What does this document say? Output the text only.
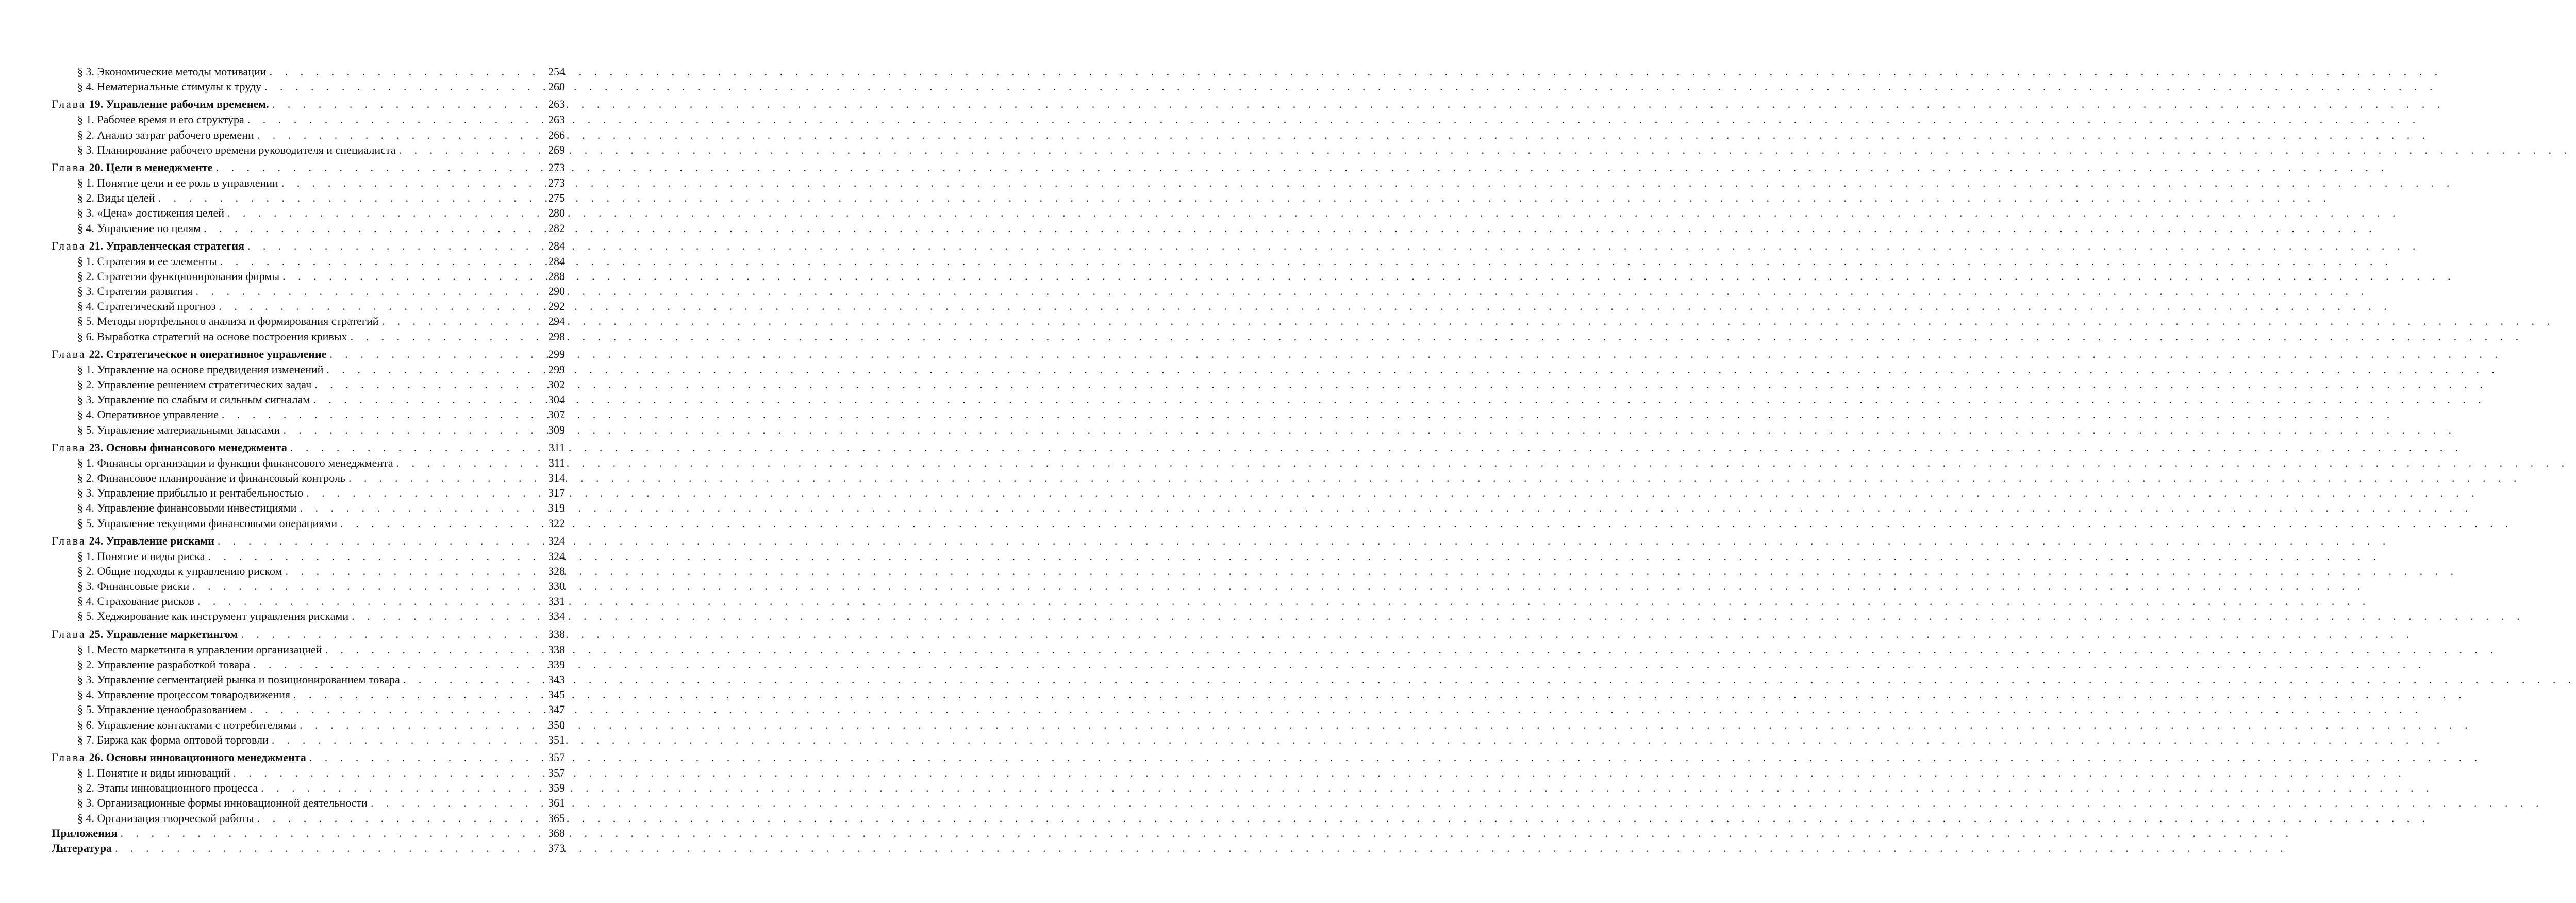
§ 3. Экономические методы мотивации . . .	254
§ 4. Нематериальные стимулы к труду . . .	260
Глава 19. Управление рабочим временем. . . .	263
§ 1. Рабочее время и его структура . . .	263
§ 2. Анализ затрат рабочего времени . . .	266
§ 3. Планирование рабочего времени руководителя и специалиста . . .	269
Глава 20. Цели в менеджменте . . .	273
§ 1. Понятие цели и ее роль в управлении . . .	273
§ 2. Виды целей . . .	275
§ 3. «Цена» достижения целей . . .	280
§ 4. Управление по целям . . .	282
Глава 21. Управленческая стратегия . . .	284
§ 1. Стратегия и ее элементы . . .	284
§ 2. Стратегии функционирования фирмы . . .	288
§ 3. Стратегии развития . . .	290
§ 4. Стратегический прогноз . . .	292
§ 5. Методы портфельного анализа и формирования стратегий . . .	294
§ 6. Выработка стратегий на основе построения кривых . . .	298
Глава 22. Стратегическое и оперативное управление . . .	299
§ 1. Управление на основе предвидения изменений . . .	299
§ 2. Управление решением стратегических задач . . .	302
§ 3. Управление по слабым и сильным сигналам . . .	304
§ 4. Оперативное управление . . .	307
§ 5. Управление материальными запасами . . .	309
Глава 23. Основы финансового менеджмента . . .	311
§ 1. Финансы организации и функции финансового менеджмента . . .	311
§ 2. Финансовое планирование и финансовый контроль . . .	314
§ 3. Управление прибылью и рентабельностью . . .	317
§ 4. Управление финансовыми инвестициями . . .	319
§ 5. Управление текущими финансовыми операциями . . .	322
Глава 24. Управление рисками . . .	324
§ 1. Понятие и виды риска . . .	324
§ 2. Общие подходы к управлению риском . . .	328
§ 3. Финансовые риски . . .	330
§ 4. Страхование рисков . . .	331
§ 5. Хеджирование как инструмент управления рисками . . .	334
Глава 25. Управление маркетингом . . .	338
§ 1. Место маркетинга в управлении организацией . . .	338
§ 2. Управление разработкой товара . . .	339
§ 3. Управление сегментацией рынка и позиционированием товара . . .	343
§ 4. Управление процессом товародвижения . . .	345
§ 5. Управление ценообразованием . . .	347
§ 6. Управление контактами с потребителями . . .	350
§ 7. Биржа как форма оптовой торговли . . .	351
Глава 26. Основы инновационного менеджмента . . .	357
§ 1. Понятие и виды инноваций . . .	357
§ 2. Этапы инновационного процесса . . .	359
§ 3. Организационные формы инновационной деятельности . . .	361
§ 4. Организация творческой работы . . .	365
Приложения . . .	368
Литература . . .	373
